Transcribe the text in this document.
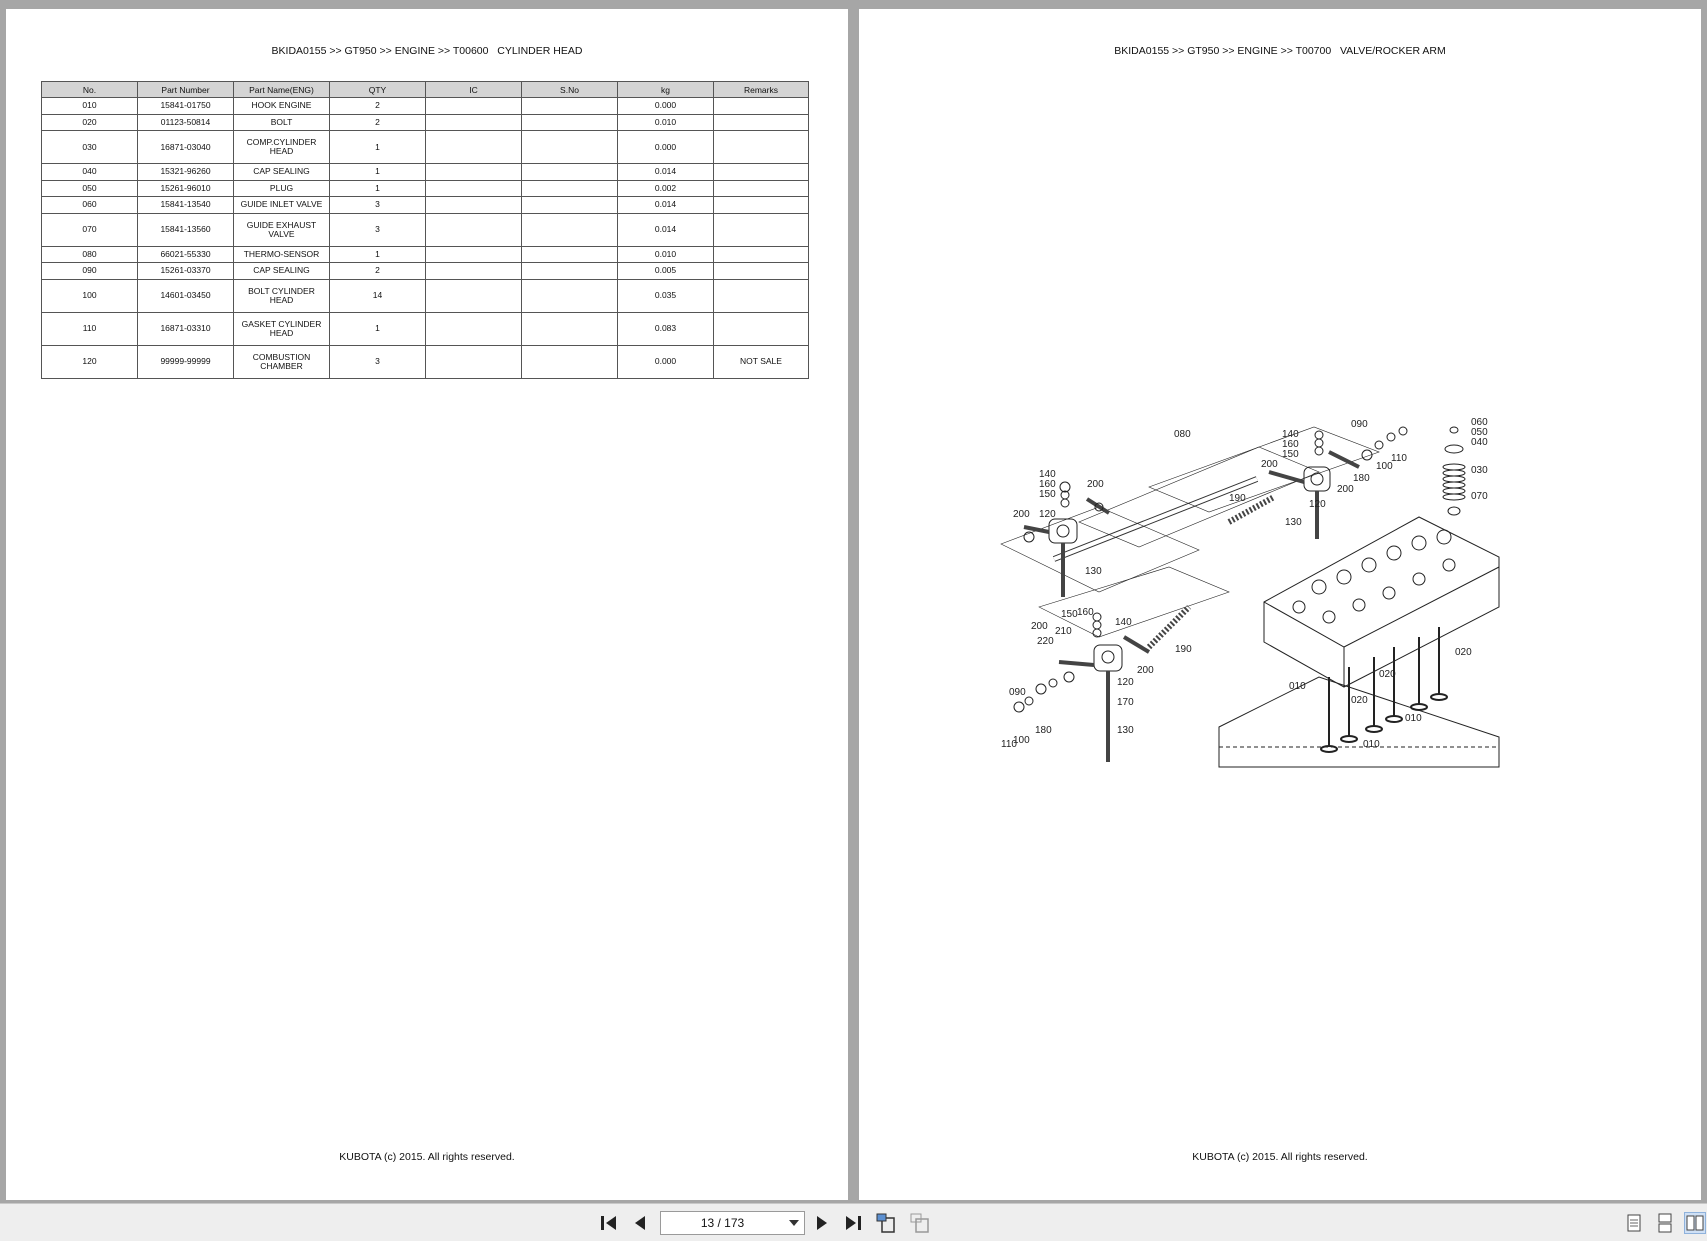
BKIDA0155 >> GT950 >> ENGINE >> T00600   CYLINDER HEAD
No.	Part Number	Part Name(ENG)	QTY	IC	S.No	kg	Remarks
010	15841-01750	HOOK ENGINE	2			0.000	
020	01123-50814	BOLT	2			0.010	
030	16871-03040	COMP.CYLINDER
HEAD	1			0.000	
040	15321-96260	CAP SEALING	1			0.014	
050	15261-96010	PLUG	1			0.002	
060	15841-13540	GUIDE INLET VALVE	3			0.014	
070	15841-13560	GUIDE EXHAUST
VALVE	3			0.014	
080	66021-55330	THERMO-SENSOR	1			0.010	
090	15261-03370	CAP SEALING	2			0.005	
100	14601-03450	BOLT CYLINDER
HEAD	14			0.035	
110	16871-03310	GASKET CYLINDER
HEAD	1			0.083	
120	99999-99999	COMBUSTION
CHAMBER	3			0.000	NOT SALE
KUBOTA (c) 2015. All rights reserved.
BKIDA0155 >> GT950 >> ENGINE >> T00700   VALVE/ROCKER ARM
080
140
160
150
200
200 120
130
190
130
120
140
160
150
200
200
180
100
110
090	060
050
040
030
070
150 160
140
200 210
220
190
200
120
170
090
180
100
110
130
020
020
020
010
010
010
KUBOTA (c) 2015. All rights reserved.
13 / 173
